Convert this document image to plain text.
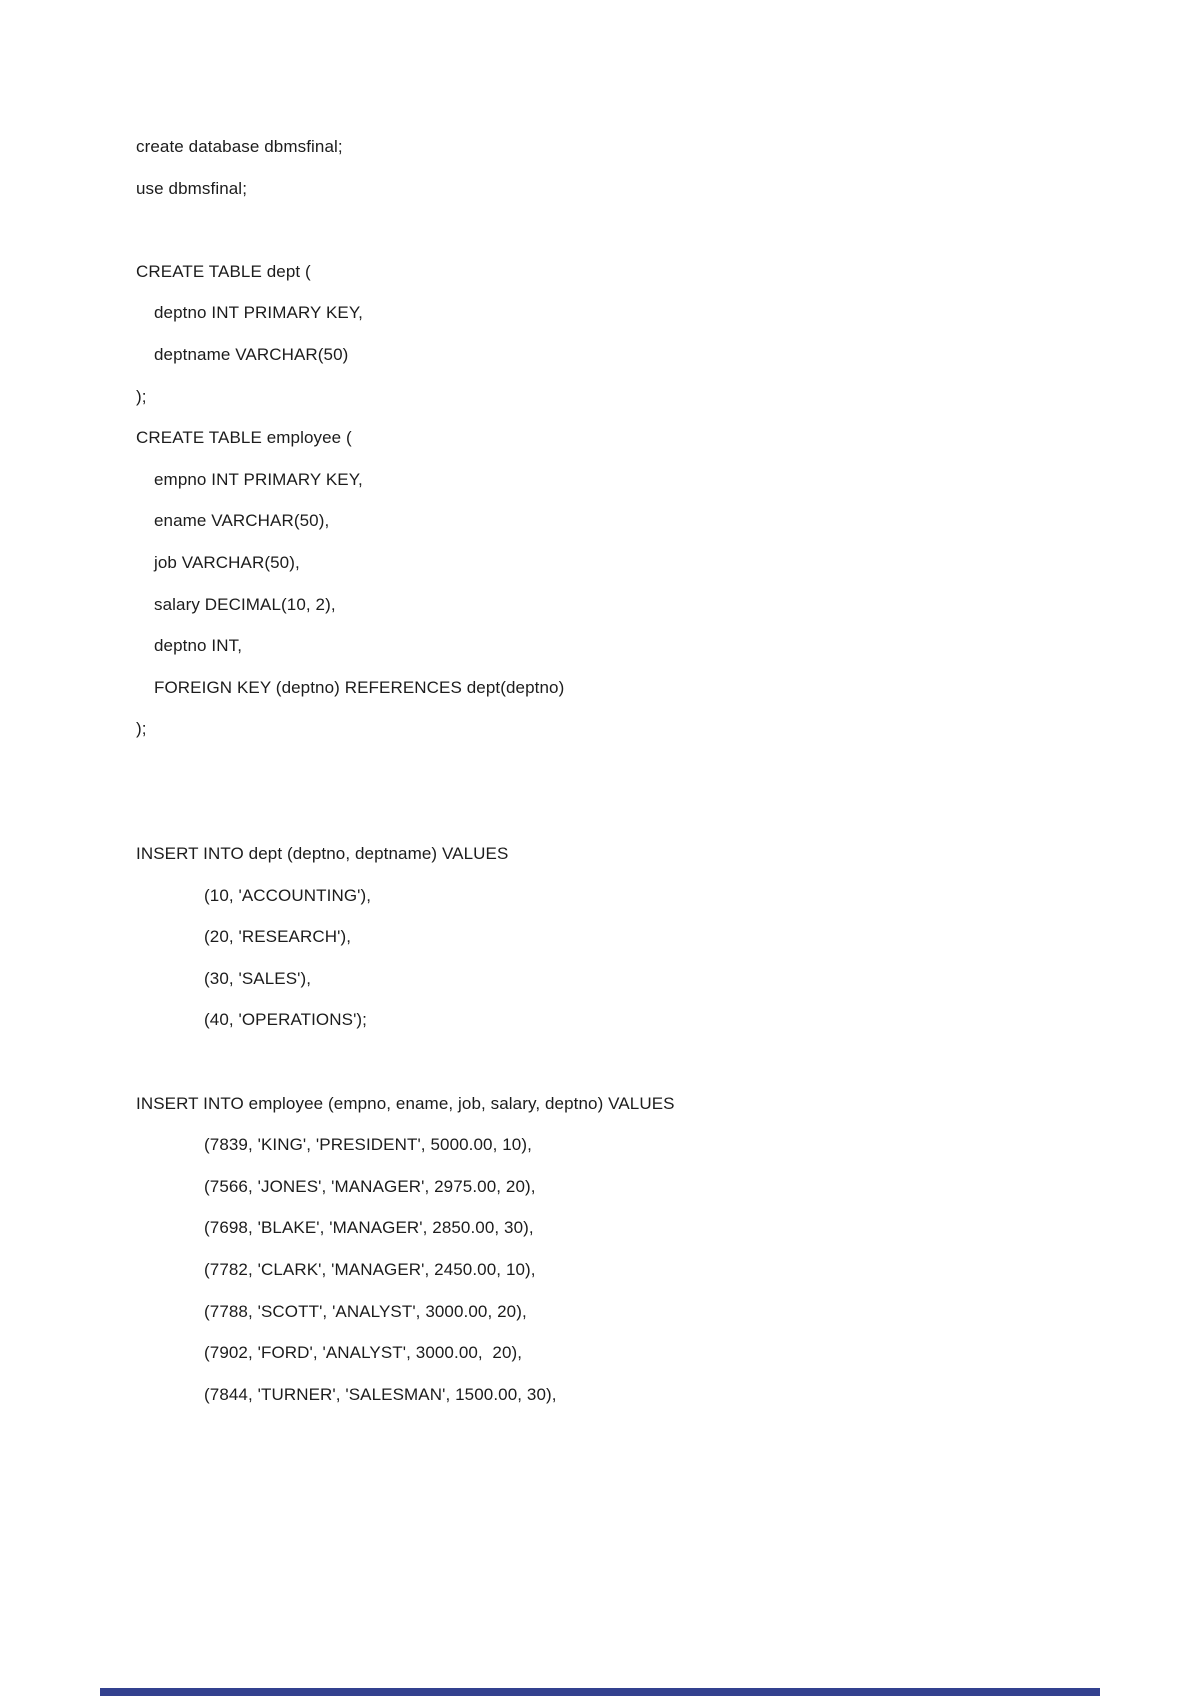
create database dbmsfinal;
use dbmsfinal;

CREATE TABLE dept (
deptno INT PRIMARY KEY,
deptname VARCHAR(50)
);
CREATE TABLE employee (
empno INT PRIMARY KEY,
ename VARCHAR(50),
job VARCHAR(50),
salary DECIMAL(10, 2),
deptno INT,
FOREIGN KEY (deptno) REFERENCES dept(deptno)
);

INSERT INTO dept (deptno, deptname) VALUES
(10, 'ACCOUNTING'),
(20, 'RESEARCH'),
(30, 'SALES'),
(40, 'OPERATIONS');

INSERT INTO employee (empno, ename, job, salary, deptno) VALUES
(7839, 'KING', 'PRESIDENT', 5000.00, 10),
(7566, 'JONES', 'MANAGER', 2975.00, 20),
(7698, 'BLAKE', 'MANAGER', 2850.00, 30),
(7782, 'CLARK', 'MANAGER', 2450.00, 10),
(7788, 'SCOTT', 'ANALYST', 3000.00, 20),
(7902, 'FORD', 'ANALYST', 3000.00,  20),
(7844, 'TURNER', 'SALESMAN', 1500.00, 30),
